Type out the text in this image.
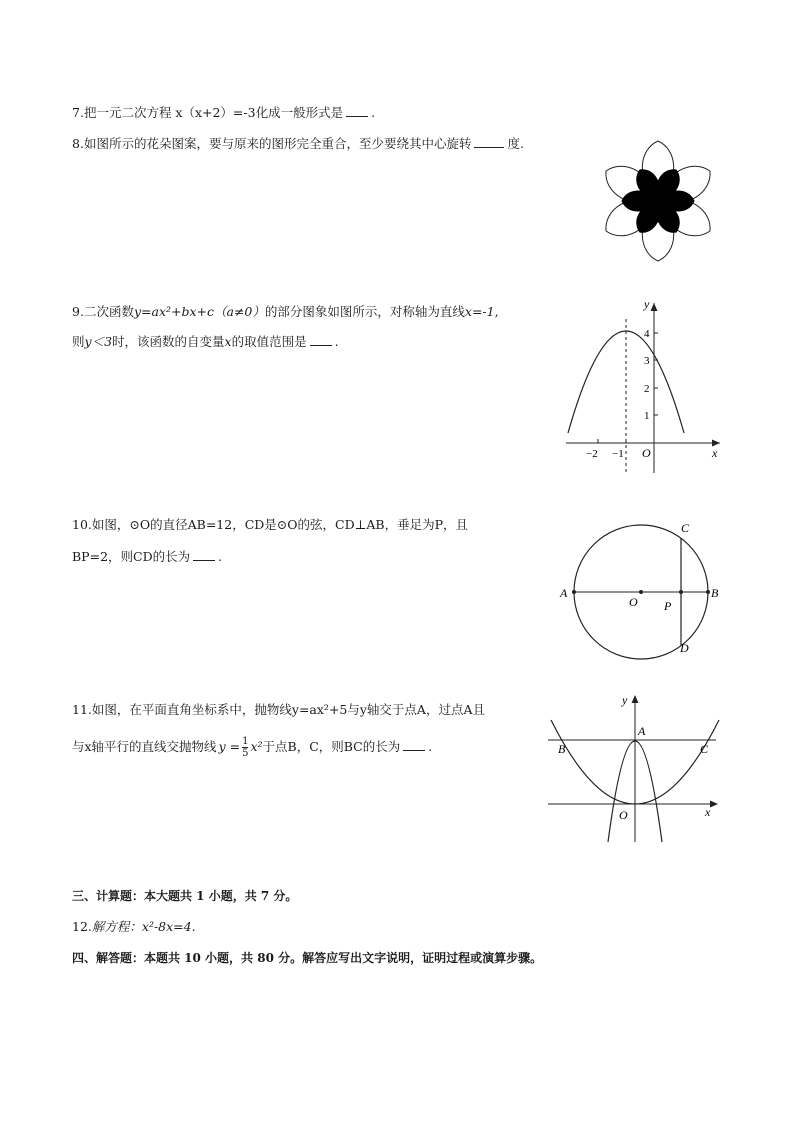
7.把一元二次方程 x（x+2）=-3化成一般形式是 .
8.如图所示的花朵图案，要与原来的图形完全重合，至少要绕其中心旋转	度.
9.二次函数y=ax²+bx+c（a≠0）的部分图象如图所示，对称轴为直线x=-1,
则y＜3时，该函数的自变量x的取值范围是 .
y
x
O
1
2
3
4
−2 −1
10.如图，⊙O的直径AB=12，CD是⊙O的弦，CD⊥AB，垂足为P，且
BP=2，则CD的长为 .
A	B
C
D
O P
11.如图，在平面直角坐标系中，抛物线y=ax²+5与y轴交于点A，过点A且
与x轴平行的直线交抛物线 $y = \frac{1}{5} x^2$于点B，C，则BC的长为 .
y
x
A
B	C
O
三、计算题：本大题共 1 小题，共 7 分。
12.解方程：x²-8x=4.
四、解答题：本题共 10 小题，共 80 分。解答应写出文字说明，证明过程或演算步骤。
